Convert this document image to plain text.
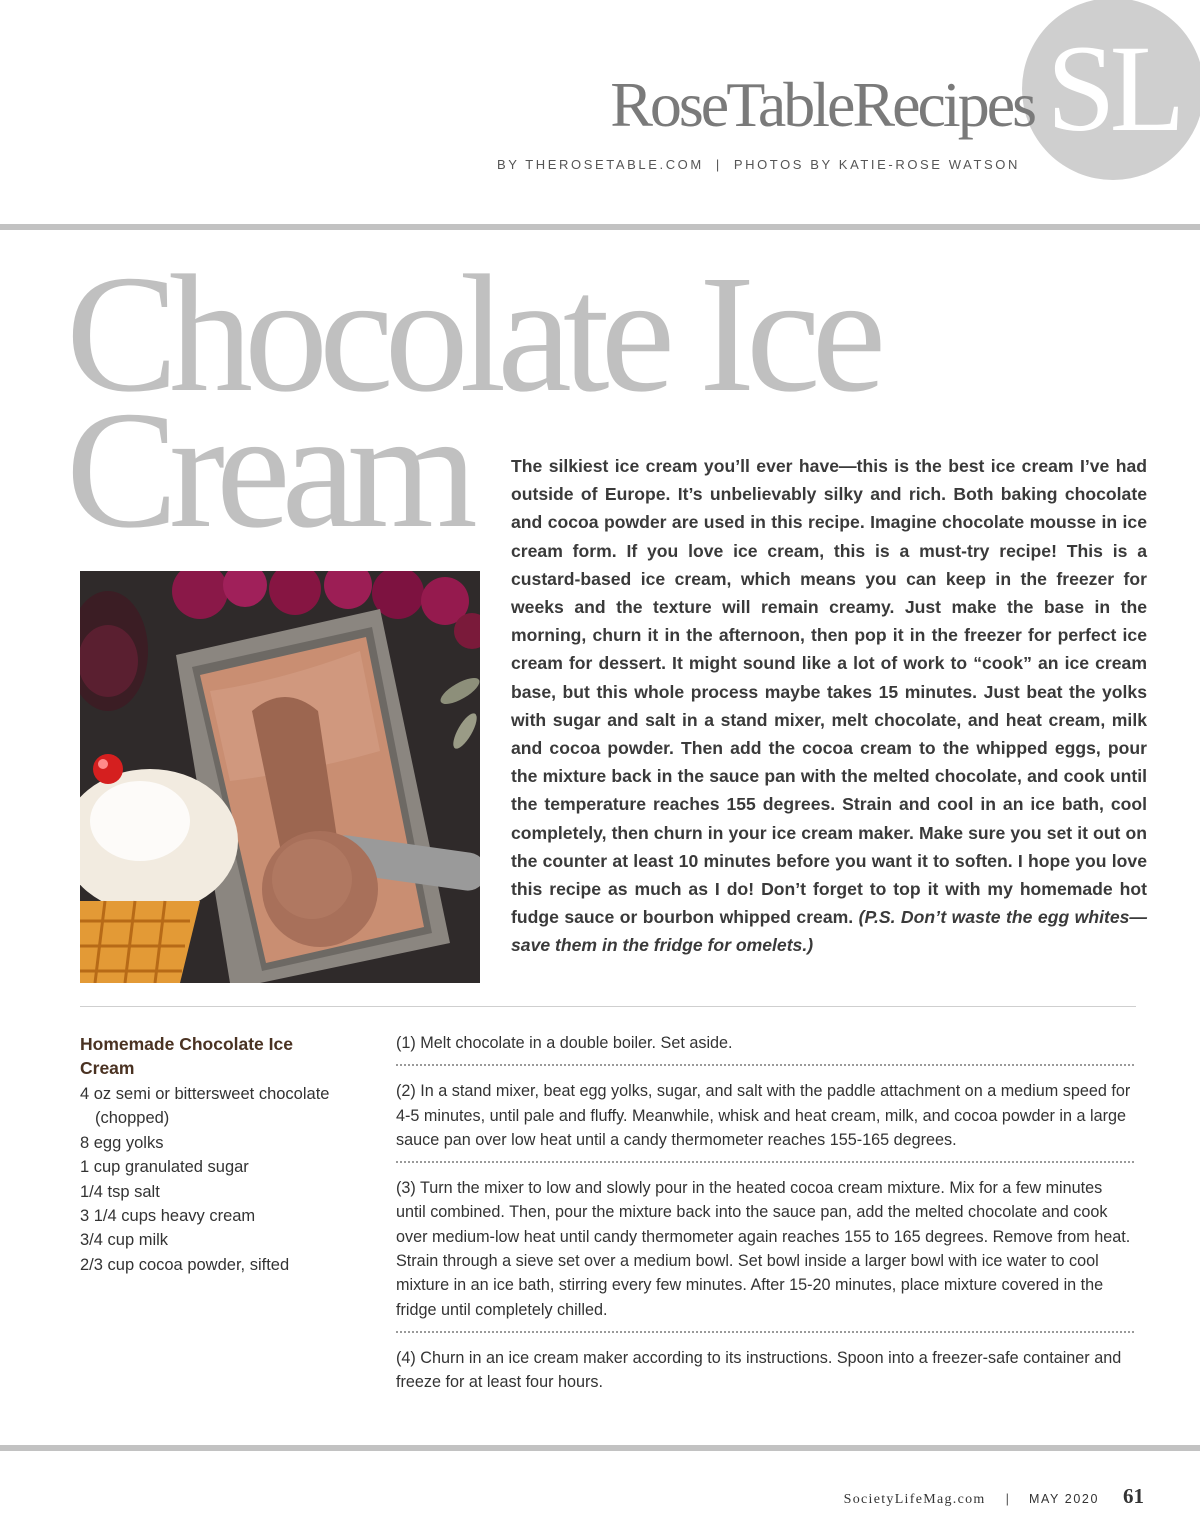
SL
RoseTableRecipes
BY THEROSETABLE.COM | PHOTOS BY KATIE-ROSE WATSON
Chocolate Ice
Cream The silkiest ice cream you’ll ever have—this is the best ice cream I’ve had outside of Europe. It’s unbelievably silky and rich. Both baking chocolate and cocoa powder are used in this recipe. Imagine chocolate mousse in ice cream form. If you love ice cream, this is a must-try recipe! This is a custard-based ice cream, which means you can keep in the freezer for weeks and the texture will remain creamy. Just make the base in the morning, churn it in the afternoon, then pop it in the freezer for perfect ice cream for dessert. It might sound like a lot of work to “cook” an ice cream base, but this whole process maybe takes 15 minutes. Just beat the yolks with sugar and salt in a stand mixer, melt chocolate, and heat cream, milk and cocoa powder. Then add the cocoa cream to the whipped eggs, pour the mixture back in the sauce pan with the melted chocolate, and cook until the temperature reaches 155 degrees. Strain and cool in an ice bath, cool completely, then churn in your ice cream maker. Make sure you set it out on the counter at least 10 minutes before you want it to soften. I hope you love this recipe as much as I do! Don’t forget to top it with my homemade hot fudge sauce or bourbon whipped cream. (P.S. Don’t waste the egg whites—save them in the fridge for omelets.)
Homemade Chocolate Ice Cream
4 oz semi or bittersweet chocolate (chopped)
8 egg yolks
1 cup granulated sugar
1/4 tsp salt
3 1/4 cups heavy cream
3/4 cup milk
2/3 cup cocoa powder, sifted
(1) Melt chocolate in a double boiler. Set aside.
(2) In a stand mixer, beat egg yolks, sugar, and salt with the paddle attachment on a medium speed for 4-5 minutes, until pale and fluffy. Meanwhile, whisk and heat cream, milk, and cocoa powder in a large sauce pan over low heat until a candy thermometer reaches 155-165 degrees.
(3) Turn the mixer to low and slowly pour in the heated cocoa cream mixture. Mix for a few minutes until combined. Then, pour the mixture back into the sauce pan, add the melted chocolate and cook over medium-low heat until candy thermometer again reaches 155 to 165 degrees. Remove from heat. Strain through a sieve set over a medium bowl. Set bowl inside a larger bowl with ice water to cool mixture in an ice bath, stirring every few minutes. After 15-20 minutes, place mixture covered in the fridge until completely chilled.
(4) Churn in an ice cream maker according to its instructions. Spoon into a freezer-safe container and freeze for at least four hours.
SocietyLifeMag.com | MAY 2020 61
